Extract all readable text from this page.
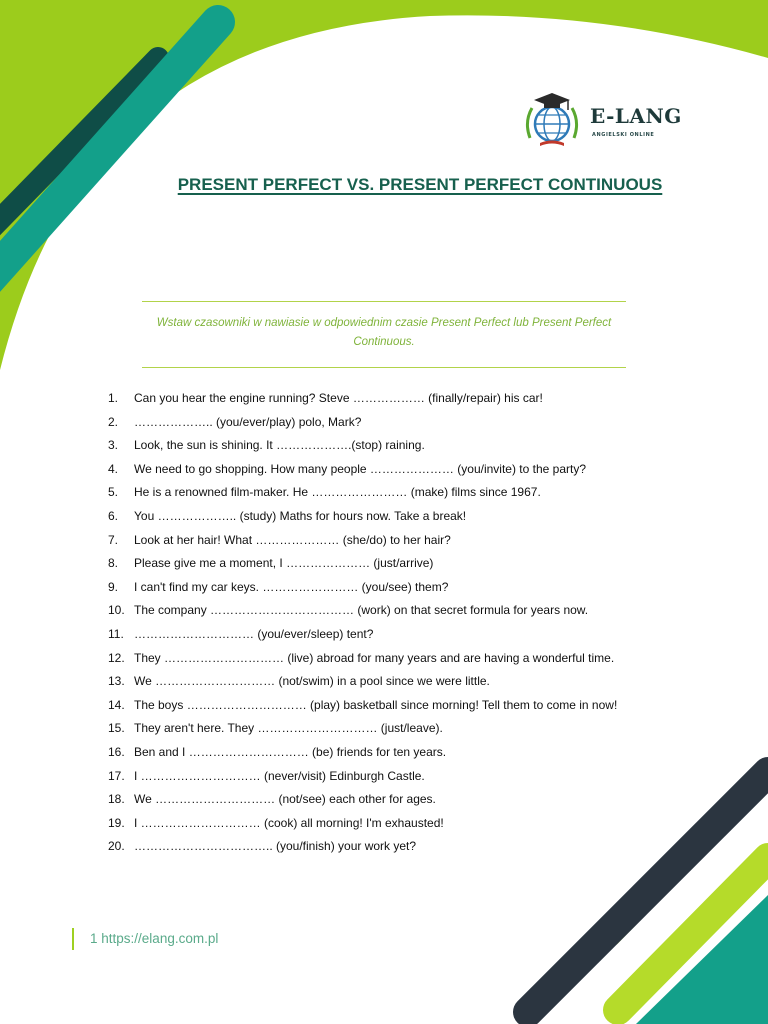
E-LANG
ANGIELSKI ONLINE
PRESENT PERFECT VS. PRESENT PERFECT CONTINUOUS
Wstaw czasowniki w nawiasie w odpowiednim czasie Present Perfect lub Present Perfect Continuous.
1. Can you hear the engine running? Steve ……………… (finally/repair) his car!
2. ……………….. (you/ever/play) polo, Mark?
3. Look, the sun is shining. It ……………….(stop) raining.
4. We need to go shopping. How many people ………………… (you/invite) to the party?
5. He is a renowned film-maker. He …………………… (make) films since 1967.
6. You ……………….. (study) Maths for hours now. Take a break!
7. Look at her hair! What ………………… (she/do) to her hair?
8. Please give me a moment, I ………………… (just/arrive)
9. I can't find my car keys. …………………… (you/see) them?
10. The company ……………………………… (work) on that secret formula for years now.
11. ………………………… (you/ever/sleep) tent?
12. They ………………………… (live) abroad for many years and are having a wonderful time.
13. We ………………………… (not/swim) in a pool since we were little.
14. The boys ………………………… (play) basketball since morning! Tell them to come in now!
15. They aren't here. They ………………………… (just/leave).
16. Ben and I ………………………… (be) friends for ten years.
17. I ………………………… (never/visit) Edinburgh Castle.
18. We ………………………… (not/see) each other for ages.
19. I ………………………… (cook) all morning! I'm exhausted!
20. …………………………….. (you/finish) your work yet?
1 https://elang.com.pl
